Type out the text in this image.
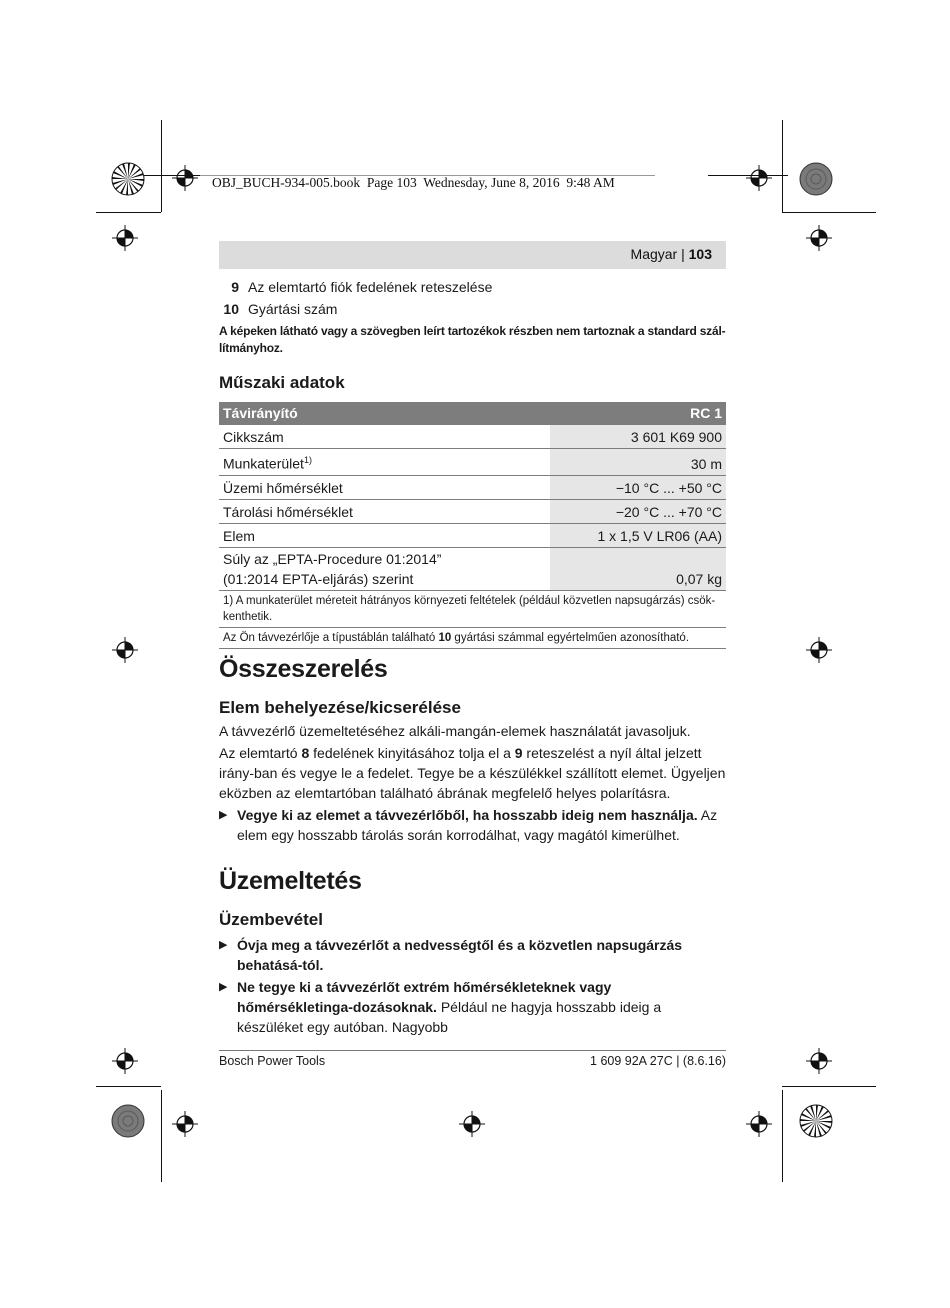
OBJ_BUCH-934-005.book  Page 103  Wednesday, June 8, 2016  9:48 AM
Magyar | 103
9 Az elemtartó fiók fedelének reteszelése
10 Gyártási szám

A képeken látható vagy a szövegben leírt tartozékok részben nem tartoznak a standard szál-lítmányhoz.

Műszaki adatok
Távirányító	RC 1
Cikkszám	3 601 K69 900
Munkaterület$^{1)}$	30 m
Üzemi hőmérséklet	−10 °C ... +50 °C
Tárolási hőmérséklet	−20 °C ... +70 °C
Elem	1 x 1,5 V LR06 (AA)

Súly az „EPTA-Procedure 01:2014”
(01:2014 EPTA-eljárás) szerint	0,07 kg
1) A munkaterület méreteit hátrányos környezeti feltételek (például közvetlen napsugárzás) csök-kenthetik.
Az Ön távvezérlője a típustáblán található 10 gyártási számmal egyértelműen azonosítható.
Összeszerelés
Elem behelyezése/kicserélése

A távvezérlő üzemeltetéséhez alkáli-mangán-elemek használatát javasoljuk.

Az elemtartó 8 fedelének kinyitásához tolja el a 9 reteszelést a nyíl által jelzett irány-ban és vegye le a fedelet. Tegye be a készülékkel szállított elemet. Ügyeljen eközben az elemtartóban található ábrának megfelelő helyes polarításra.

▶ Vegye ki az elemet a távvezérlőből, ha hosszabb ideig nem használja. Az elem egy hosszabb tárolás során korrodálhat, vagy magától kimerülhet.

Üzemeltetés
Üzembevétel
▶ Óvja meg a távvezérlőt a nedvességtől és a közvetlen napsugárzás behatásá-tól.

▶ Ne tegye ki a távvezérlőt extrém hőmérsékleteknek vagy hőmérsékletinga-dozásoknak. Például ne hagyja hosszabb ideig a készüléket egy autóban. Nagyobb

Bosch Power Tools	1 609 92A 27C | (8.6.16)
